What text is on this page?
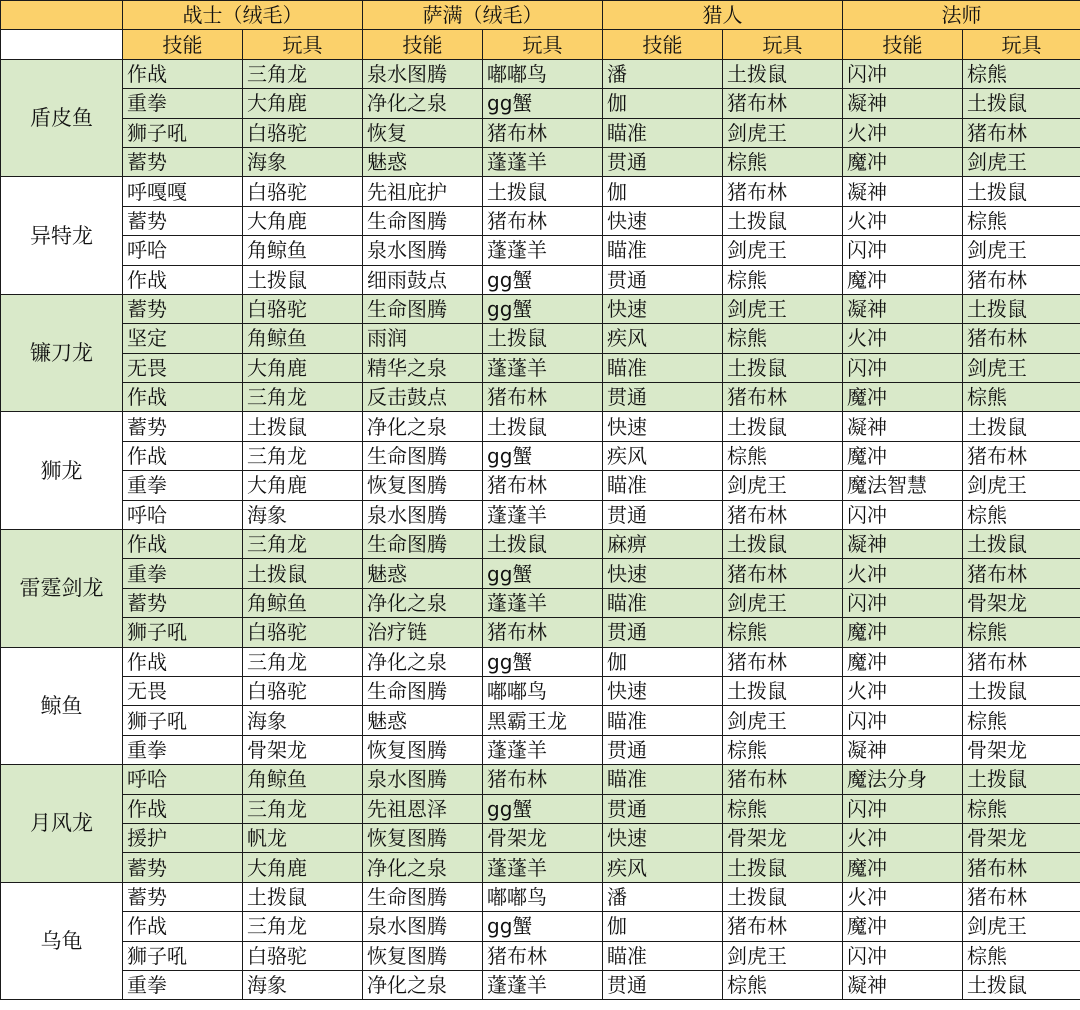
	战士（绒毛）		萨满（绒毛）		猎人		法师	
	技能	玩具	技能	玩具	技能	玩具	技能	玩具
盾皮鱼	作战	三角龙	泉水图腾	嘟嘟鸟	潘	土拨鼠	闪冲	棕熊
	重拳	大角鹿	净化之泉	gg蟹	伽	猪布林	凝神	土拨鼠
	狮子吼	白骆驼	恢复	猪布林	瞄准	剑虎王	火冲	猪布林
	蓄势	海象	魅惑	蓬蓬羊	贯通	棕熊	魔冲	剑虎王
异特龙	呼嘎嘎	白骆驼	先祖庇护	土拨鼠	伽	猪布林	凝神	土拨鼠
	蓄势	大角鹿	生命图腾	猪布林	快速	土拨鼠	火冲	棕熊
	呼哈	角鲸鱼	泉水图腾	蓬蓬羊	瞄准	剑虎王	闪冲	剑虎王
	作战	土拨鼠	细雨鼓点	gg蟹	贯通	棕熊	魔冲	猪布林
镰刀龙	蓄势	白骆驼	生命图腾	gg蟹	快速	剑虎王	凝神	土拨鼠
	坚定	角鲸鱼	雨润	土拨鼠	疾风	棕熊	火冲	猪布林
	无畏	大角鹿	精华之泉	蓬蓬羊	瞄准	土拨鼠	闪冲	剑虎王
	作战	三角龙	反击鼓点	猪布林	贯通	猪布林	魔冲	棕熊
狮龙	蓄势	土拨鼠	净化之泉	土拨鼠	快速	土拨鼠	凝神	土拨鼠
	作战	三角龙	生命图腾	gg蟹	疾风	棕熊	魔冲	猪布林
	重拳	大角鹿	恢复图腾	猪布林	瞄准	剑虎王	魔法智慧	剑虎王
	呼哈	海象	泉水图腾	蓬蓬羊	贯通	猪布林	闪冲	棕熊
雷霆剑龙	作战	三角龙	生命图腾	土拨鼠	麻痹	土拨鼠	凝神	土拨鼠
	重拳	土拨鼠	魅惑	gg蟹	快速	猪布林	火冲	猪布林
	蓄势	角鲸鱼	净化之泉	蓬蓬羊	瞄准	剑虎王	闪冲	骨架龙
	狮子吼	白骆驼	治疗链	猪布林	贯通	棕熊	魔冲	棕熊
鲸鱼	作战	三角龙	净化之泉	gg蟹	伽	猪布林	魔冲	猪布林
	无畏	白骆驼	生命图腾	嘟嘟鸟	快速	土拨鼠	火冲	土拨鼠
	狮子吼	海象	魅惑	黑霸王龙	瞄准	剑虎王	闪冲	棕熊
	重拳	骨架龙	恢复图腾	蓬蓬羊	贯通	棕熊	凝神	骨架龙
月风龙	呼哈	角鲸鱼	泉水图腾	猪布林	瞄准	猪布林	魔法分身	土拨鼠
	作战	三角龙	先祖恩泽	gg蟹	贯通	棕熊	闪冲	棕熊
	援护	帆龙	恢复图腾	骨架龙	快速	骨架龙	火冲	骨架龙
	蓄势	大角鹿	净化之泉	蓬蓬羊	疾风	土拨鼠	魔冲	猪布林
乌龟	蓄势	土拨鼠	生命图腾	嘟嘟鸟	潘	土拨鼠	火冲	猪布林
	作战	三角龙	泉水图腾	gg蟹	伽	猪布林	魔冲	剑虎王
	狮子吼	白骆驼	恢复图腾	猪布林	瞄准	剑虎王	闪冲	棕熊
	重拳	海象	净化之泉	蓬蓬羊	贯通	棕熊	凝神	土拨鼠
